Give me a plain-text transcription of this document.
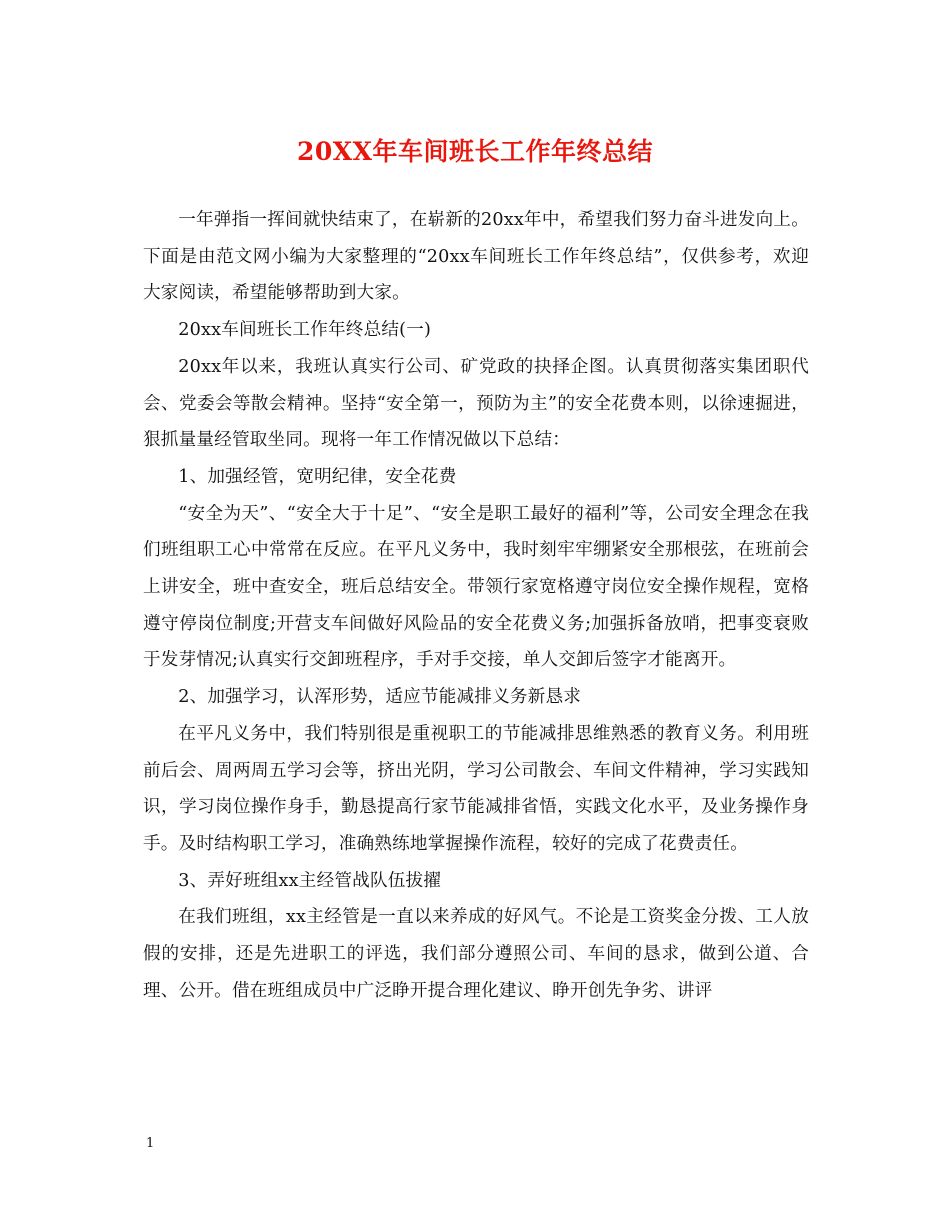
20XX年车间班长工作年终总结

一年弹指一挥间就快结束了，在崭新的20xx年中，希望我们努力奋斗进发向上。下面是由范文网小编为大家整理的“20xx车间班长工作年终总结”，仅供参考，欢迎大家阅读，希望能够帮助到大家。

20xx车间班长工作年终总结(一)

20xx年以来，我班认真实行公司、矿党政的抉择企图。认真贯彻落实集团职代会、党委会等散会精神。坚持“安全第一，预防为主”的安全花费本则，以徐速掘进，狠抓量量经管取坐同。现将一年工作情况做以下总结：

1、加强经管，宽明纪律，安全花费

“安全为天”、“安全大于十足”、“安全是职工最好的福利”等，公司安全理念在我们班组职工心中常常在反应。在平凡义务中，我时刻牢牢绷紧安全那根弦，在班前会上讲安全，班中查安全，班后总结安全。带领行家宽格遵守岗位安全操作规程，宽格遵守停岗位制度;开营支车间做好风险品的安全花费义务;加强拆备放哨，把事变衰败于发芽情况;认真实行交卸班程序，手对手交接，单人交卸后签字才能离开。

2、加强学习，认浑形势，适应节能减排义务新恳求

在平凡义务中，我们特别很是重视职工的节能减排思维熟悉的教育义务。利用班前后会、周两周五学习会等，挤出光阴，学习公司散会、车间文件精神，学习实践知识，学习岗位操作身手，勤恳提高行家节能减排省悟，实践文化水平，及业务操作身手。及时结构职工学习，准确熟练地掌握操作流程，较好的完成了花费责任。

3、弄好班组xx主经管战队伍拔擢

在我们班组，xx主经管是一直以来养成的好风气。不论是工资奖金分拨、工人放假的安排，还是先进职工的评选，我们部分遵照公司、车间的恳求，做到公道、合理、公开。借在班组成员中广泛睁开提合理化建议、睁开创先争劣、讲评

1
